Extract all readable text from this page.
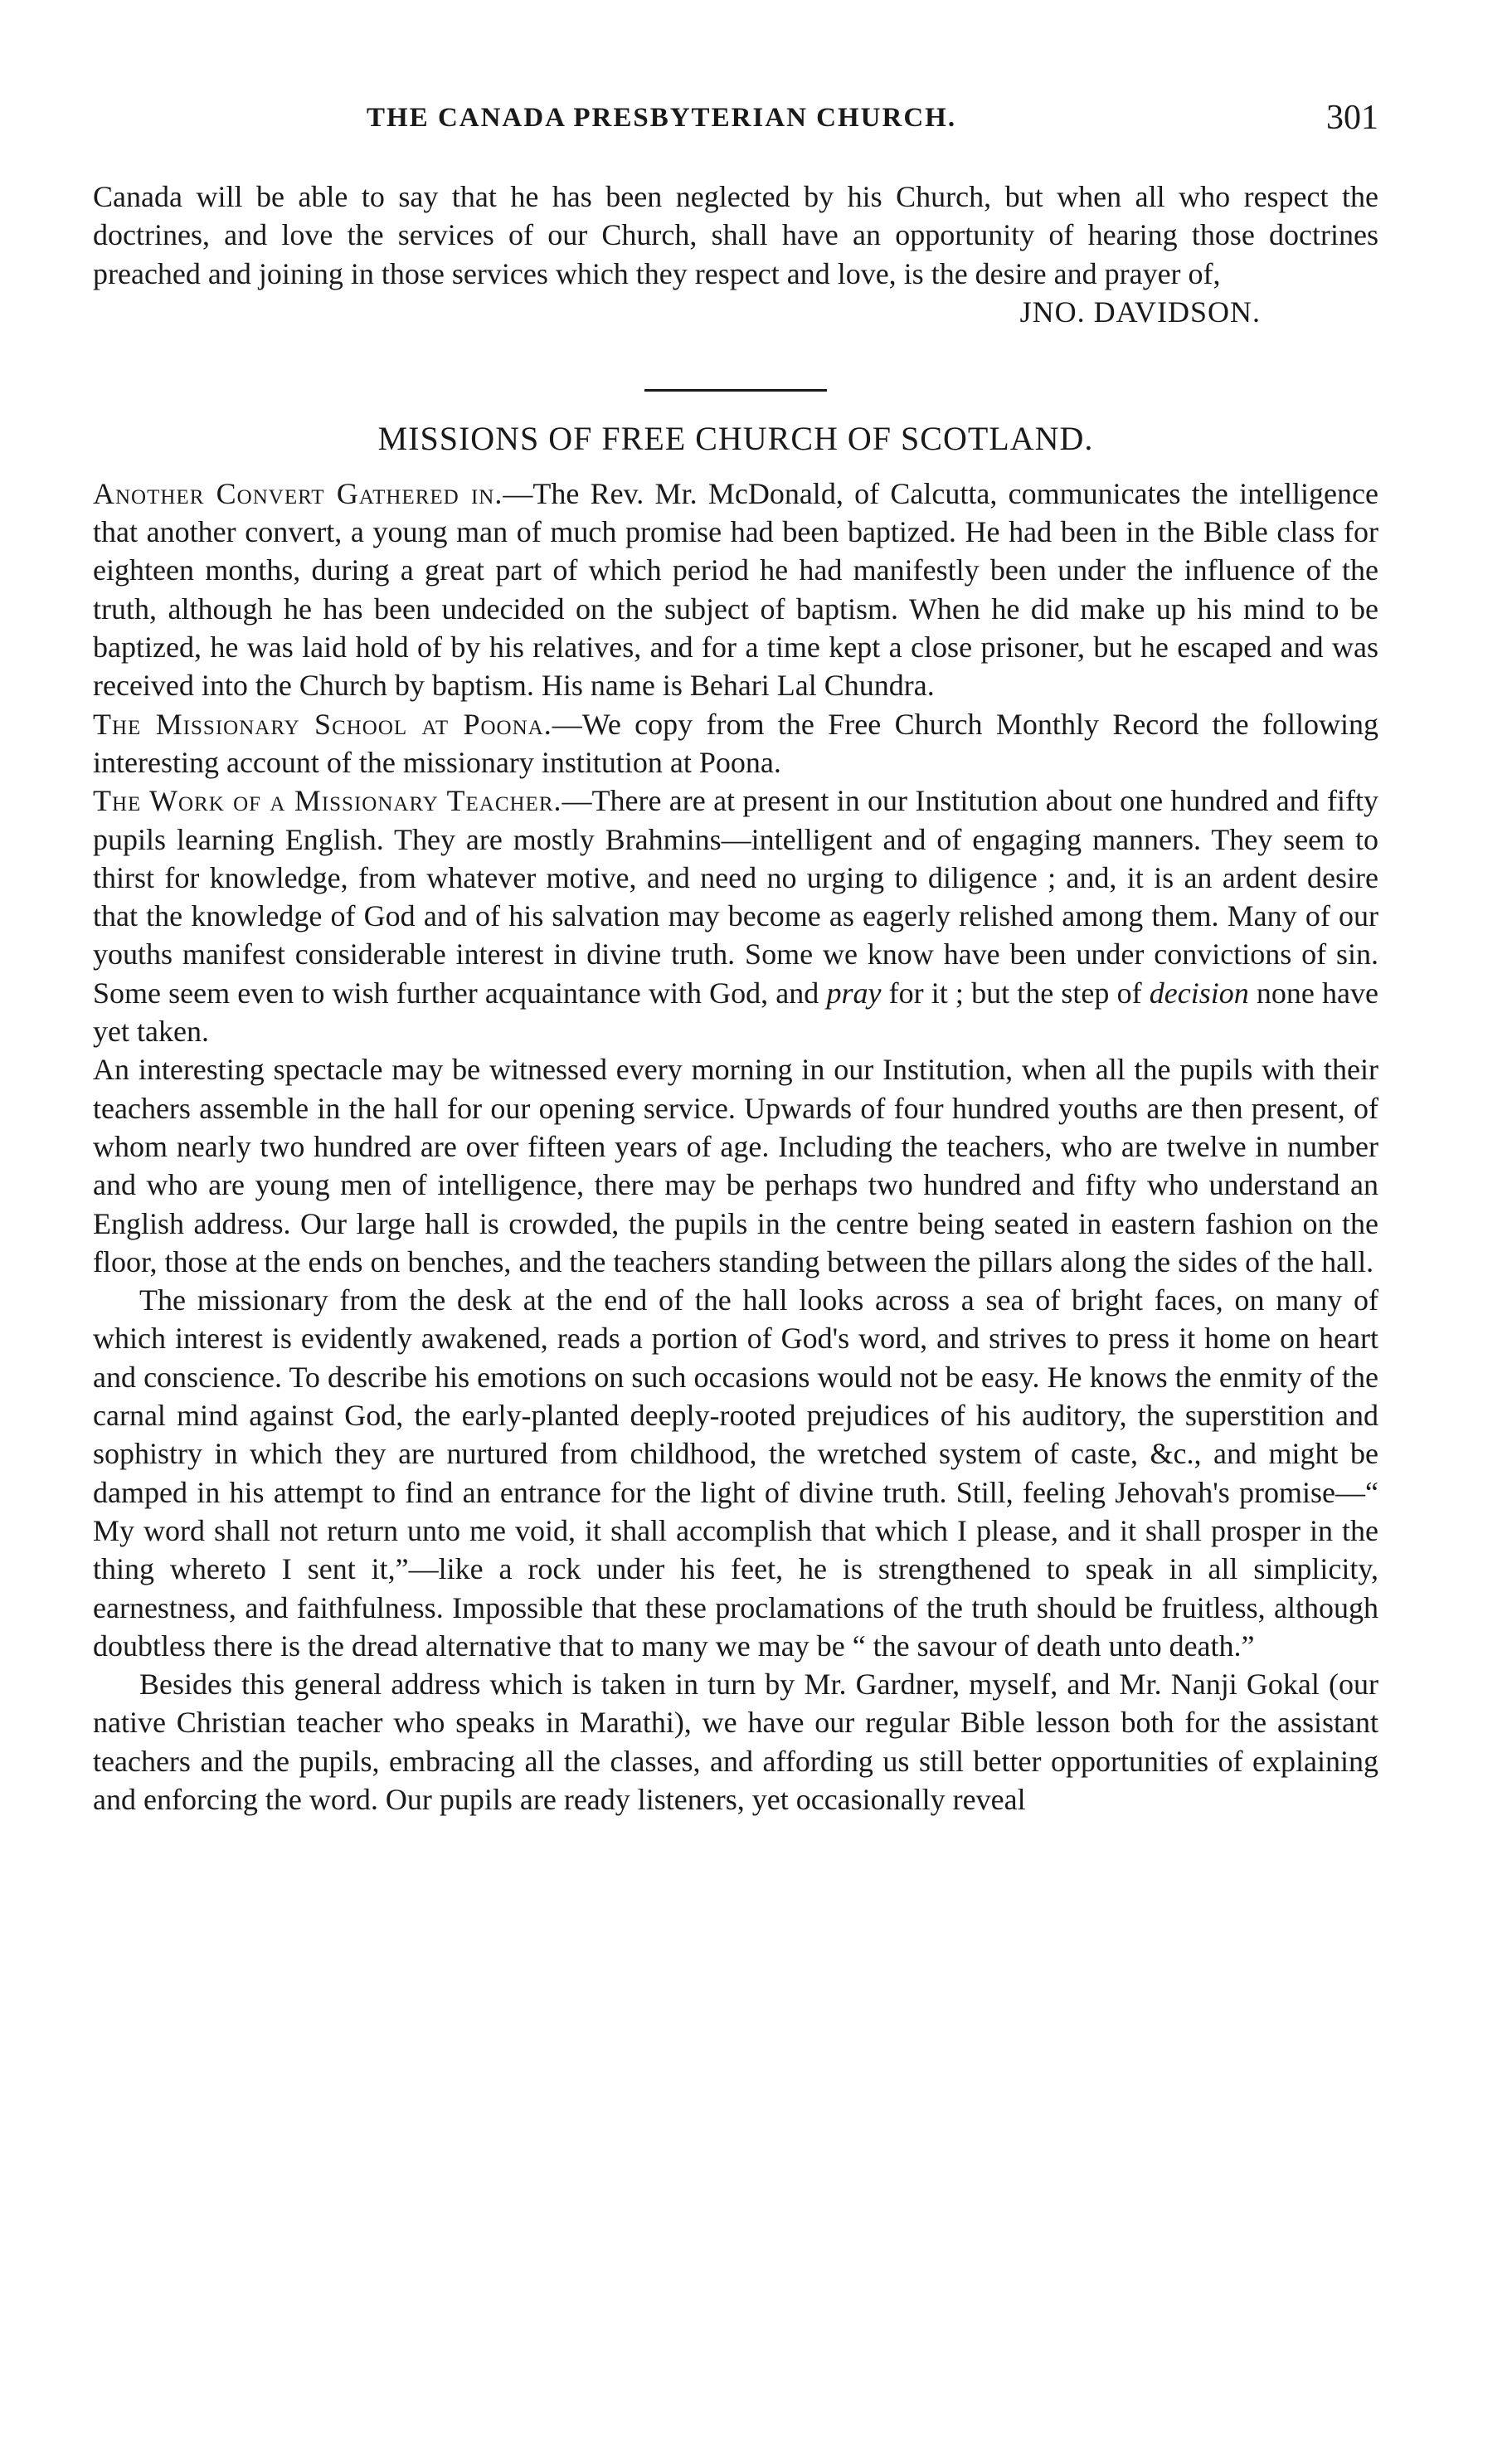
THE CANADA PRESBYTERIAN CHURCH.	301

Canada will be able to say that he has been neglected by his Church, but when all who respect the doctrines, and love the services of our Church, shall have an opportunity of hearing those doctrines preached and joining in those services which they respect and love, is the desire and prayer of,

JNO. DAVIDSON.
MISSIONS OF FREE CHURCH OF SCOTLAND.

Another Convert Gathered in.—The Rev. Mr. McDonald, of Calcutta, communicates the intelligence that another convert, a young man of much promise had been baptized. He had been in the Bible class for eighteen months, during a great part of which period he had manifestly been under the influence of the truth, although he has been undecided on the subject of baptism. When he did make up his mind to be baptized, he was laid hold of by his relatives, and for a time kept a close prisoner, but he escaped and was received into the Church by baptism. His name is Behari Lal Chundra.

The Missionary School at Poona.—We copy from the Free Church Monthly Record the following interesting account of the missionary institution at Poona.

The Work of a Missionary Teacher.—There are at present in our Institution about one hundred and fifty pupils learning English. They are mostly Brahmins—intelligent and of engaging manners. They seem to thirst for knowledge, from whatever motive, and need no urging to diligence ; and, it is an ardent desire that the knowledge of God and of his salvation may become as eagerly relished among them. Many of our youths manifest considerable interest in divine truth. Some we know have been under convictions of sin. Some seem even to wish further acquaintance with God, and pray for it ; but the step of decision none have yet taken.

An interesting spectacle may be witnessed every morning in our Institution, when all the pupils with their teachers assemble in the hall for our opening service. Upwards of four hundred youths are then present, of whom nearly two hundred are over fifteen years of age. Including the teachers, who are twelve in number and who are young men of intelligence, there may be perhaps two hundred and fifty who understand an English address. Our large hall is crowded, the pupils in the centre being seated in eastern fashion on the floor, those at the ends on benches, and the teachers standing between the pillars along the sides of the hall.

The missionary from the desk at the end of the hall looks across a sea of bright faces, on many of which interest is evidently awakened, reads a portion of God's word, and strives to press it home on heart and conscience. To describe his emotions on such occasions would not be easy. He knows the enmity of the carnal mind against God, the early-planted deeply-rooted prejudices of his auditory, the superstition and sophistry in which they are nurtured from childhood, the wretched system of caste, &c., and might be damped in his attempt to find an entrance for the light of divine truth. Still, feeling Jehovah's promise—“ My word shall not return unto me void, it shall accomplish that which I please, and it shall prosper in the thing whereto I sent it,”—like a rock under his feet, he is strengthened to speak in all simplicity, earnestness, and faithfulness. Impossible that these proclamations of the truth should be fruitless, although doubtless there is the dread alternative that to many we may be “ the savour of death unto death.”

Besides this general address which is taken in turn by Mr. Gardner, myself, and Mr. Nanji Gokal (our native Christian teacher who speaks in Marathi), we have our regular Bible lesson both for the assistant teachers and the pupils, embracing all the classes, and affording us still better opportunities of explaining and enforcing the word. Our pupils are ready listeners, yet occasionally reveal
